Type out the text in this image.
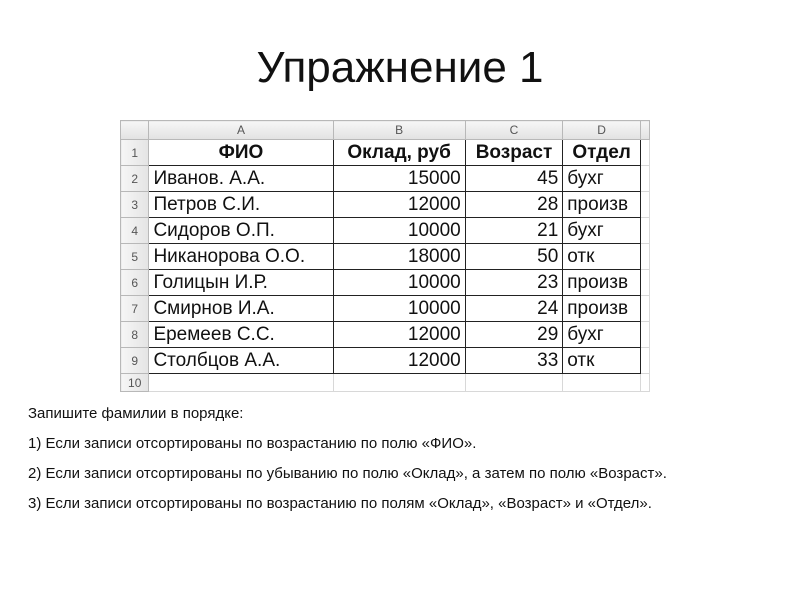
Упражнение 1
	A	B	C	D	
1	ФИО	Оклад, руб	Возраст	Отдел	
2	Иванов. А.А.	15000	45	бухг	
3	Петров С.И.	12000	28	произв	
4	Сидоров О.П.	10000	21	бухг	
5	Никанорова О.О.	18000	50	отк	
6	Голицын И.Р.	10000	23	произв	
7	Смирнов И.А.	10000	24	произв	
8	Еремеев С.С.	12000	29	бухг	
9	Столбцов А.А.	12000	33	отк	
10					

Запишите фамилии в порядке:

1) Если записи отсортированы по возрастанию по полю «ФИО».

2) Если записи отсортированы по убыванию по полю «Оклад», а затем по полю «Возраст».

3) Если записи отсортированы по возрастанию по полям «Оклад», «Возраст» и «Отдел».
